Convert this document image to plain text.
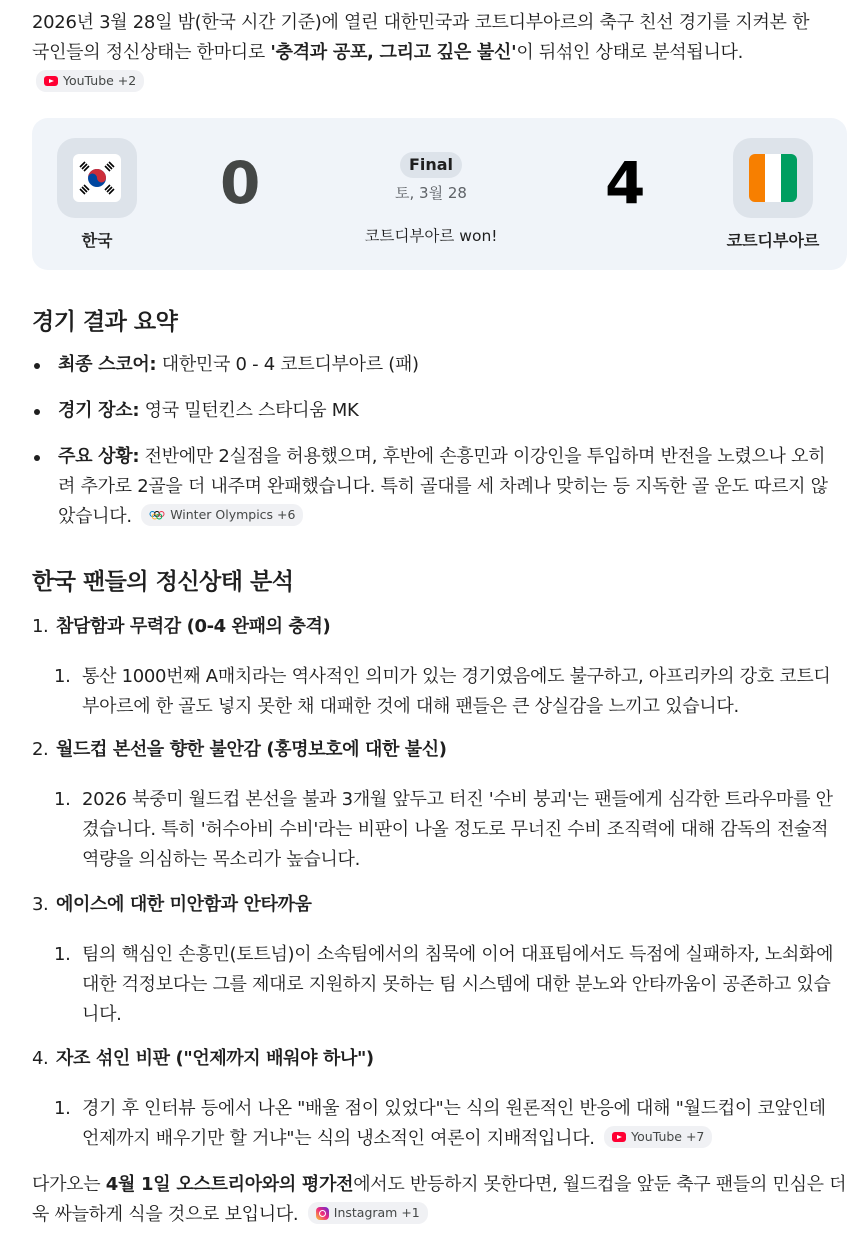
2026년 3월 28일 밤(한국 시간 기준)에 열린 대한민국과 코트디부아르의 축구 친선 경기를 지켜본 한국인들의 정신상태는 한마디로 '충격과 공포, 그리고 깊은 불신'이 뒤섞인 상태로 분석됩니다.
YouTube +2
한국
0	Final
토, 3월 28
코트디부아르 won!
4
코트디부아르
경기 결과 요약
최종 스코어: 대한민국 0 - 4 코트디부아르 (패)
경기 장소: 영국 밀턴킨스 스타디움 MK
주요 상황: 전반에만 2실점을 허용했으며, 후반에 손흥민과 이강인을 투입하며 반전을 노렸으나 오히려 추가로 2골을 더 내주며 완패했습니다. 특히 골대를 세 차례나 맞히는 등 지독한 골 운도 따르지 않았습니다.	Winter Olympics +6
한국 팬들의 정신상태 분석
1. 참담함과 무력감 (0-4 완패의 충격)
1. 통산 1000번째 A매치라는 역사적인 의미가 있는 경기였음에도 불구하고, 아프리카의 강호 코트디부아르에 한 골도 넣지 못한 채 대패한 것에 대해 팬들은 큰 상실감을 느끼고 있습니다.
2. 월드컵 본선을 향한 불안감 (홍명보호에 대한 불신)
1. 2026 북중미 월드컵 본선을 불과 3개월 앞두고 터진 '수비 붕괴'는 팬들에게 심각한 트라우마를 안겼습니다. 특히 '허수아비 수비'라는 비판이 나올 정도로 무너진 수비 조직력에 대해 감독의 전술적 역량을 의심하는 목소리가 높습니다.
3. 에이스에 대한 미안함과 안타까움
1. 팀의 핵심인 손흥민(토트넘)이 소속팀에서의 침묵에 이어 대표팀에서도 득점에 실패하자, 노쇠화에 대한 걱정보다는 그를 제대로 지원하지 못하는 팀 시스템에 대한 분노와 안타까움이 공존하고 있습니다.
4. 자조 섞인 비판 ("언제까지 배워야 하나")
1. 경기 후 인터뷰 등에서 나온 "배울 점이 있었다"는 식의 원론적인 반응에 대해 "월드컵이 코앞인데 언제까지 배우기만 할 거냐"는 식의 냉소적인 여론이 지배적입니다.	YouTube +7
다가오는 4월 1일 오스트리아와의 평가전에서도 반등하지 못한다면, 월드컵을 앞둔 축구 팬들의 민심은 더욱 싸늘하게 식을 것으로 보입니다.	Instagram +1
